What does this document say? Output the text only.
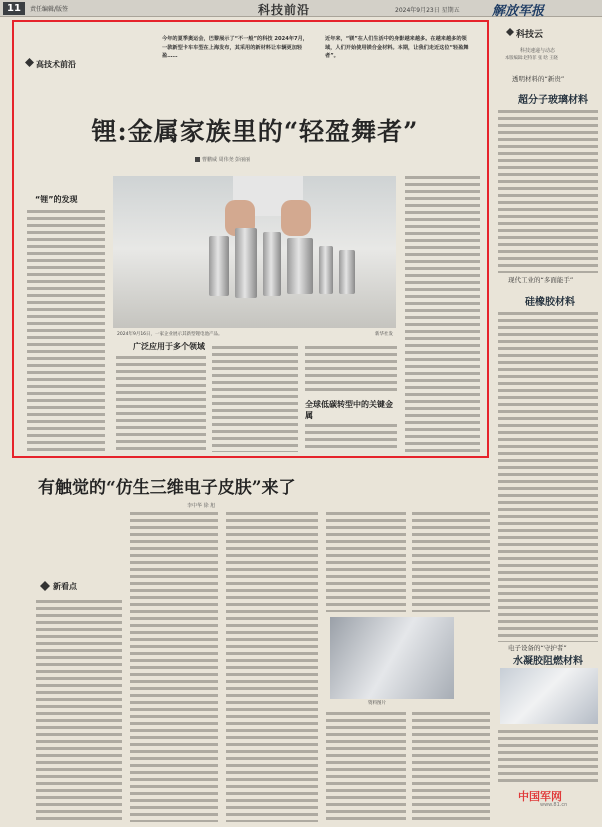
11	责任编辑/版签	科技前沿	2024年9月23日 星期五 解放军报
高技术前沿
今年的夏季奥运会，巴黎展示了“不一般”的科技 2024年7月，一款新型卡车车型在上海发布，其采用的新材料让车辆更加轻盈……
近年来，“镁”在人们生活中的身影越来越多。在越来越多的领域，人们开始使用镁合金材料。本期，让我们走近这位“轻盈舞者”。
锂:金属家族里的“轻盈舞者”
曹鹏威 周伟尧 彭丽丽
“锂”的发现
2024年9月16日，一家企业展示其新型锂电池产品。	新华社发
广泛应用于多个领域
全球低碳转型中的关键金属
科技云
科技速递与动态
本版编辑:赵特菲 张 晗 王晓
透明材料的“新贵”
超分子玻璃材料
现代工业的“多面能手”
硅橡胶材料
电子设备的“守护者”
水凝胶阻燃材料
有触觉的“仿生三维电子皮肤”来了
李中华 徐 旭
新看点
资料图片
中国军网
www.81.cn
